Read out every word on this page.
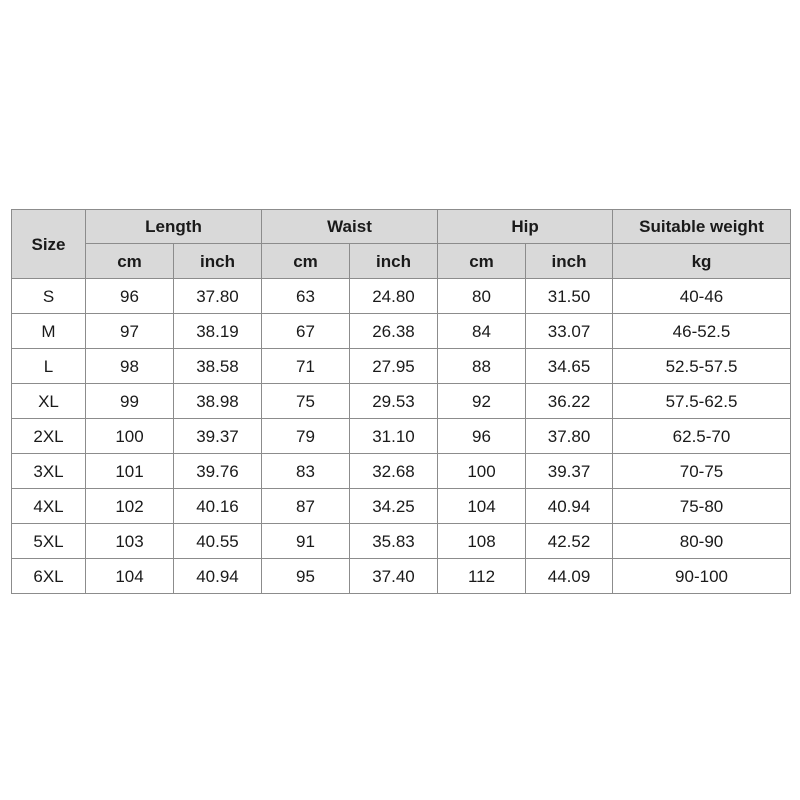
Size	Length		Waist		Hip		Suitable weight
	cm	inch	cm	inch	cm	inch	kg
S	96	37.80	63	24.80	80	31.50	40-46
M	97	38.19	67	26.38	84	33.07	46-52.5
L	98	38.58	71	27.95	88	34.65	52.5-57.5
XL	99	38.98	75	29.53	92	36.22	57.5-62.5
2XL	100	39.37	79	31.10	96	37.80	62.5-70
3XL	101	39.76	83	32.68	100	39.37	70-75
4XL	102	40.16	87	34.25	104	40.94	75-80
5XL	103	40.55	91	35.83	108	42.52	80-90
6XL	104	40.94	95	37.40	112	44.09	90-100
